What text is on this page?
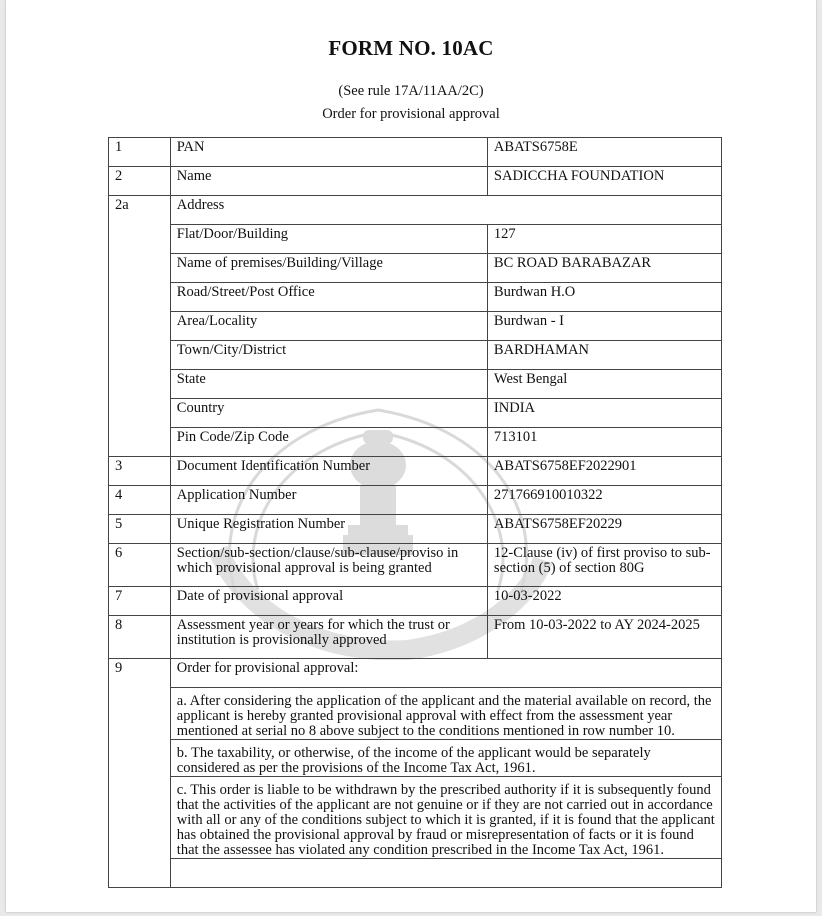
FORM NO. 10AC
(See rule 17A/11AA/2C)
Order for provisional approval
1	PAN	ABATS6758E
2	Name	SADICCHA FOUNDATION
2a	Address	
	Flat/Door/Building	127
	Name of premises/Building/Village	BC ROAD BARABAZAR
	Road/Street/Post Office	Burdwan H.O
	Area/Locality	Burdwan - I
	Town/City/District	BARDHAMAN
	State	West Bengal
	Country	INDIA
	Pin Code/Zip Code	713101
3	Document Identification Number	ABATS6758EF2022901
4	Application Number	271766910010322
5	Unique Registration Number	ABATS6758EF20229
6	Section/sub-section/clause/sub-clause/proviso in which provisional approval is being granted	12-Clause (iv) of first proviso to sub-section (5) of section 80G
7	Date of provisional approval	10-03-2022
8	Assessment year or years for which the trust or institution is provisionally approved	From 10-03-2022 to AY 2024-2025
9	Order for provisional approval:	
	a. After considering the application of the applicant and the material available on record, the applicant is hereby granted provisional approval with effect from the assessment year mentioned at serial no 8 above subject to the conditions mentioned in row number 10.	
	b. The taxability, or otherwise, of the income of the applicant would be separately considered as per the provisions of the Income Tax Act, 1961.	
	c. This order is liable to be withdrawn by the prescribed authority if it is subsequently found that the activities of the applicant are not genuine or if they are not carried out in accordance with all or any of the conditions subject to which it is granted, if it is found that the applicant has obtained the provisional approval by fraud or misrepresentation of facts or it is found that the assessee has violated any condition prescribed in the Income Tax Act, 1961.	
